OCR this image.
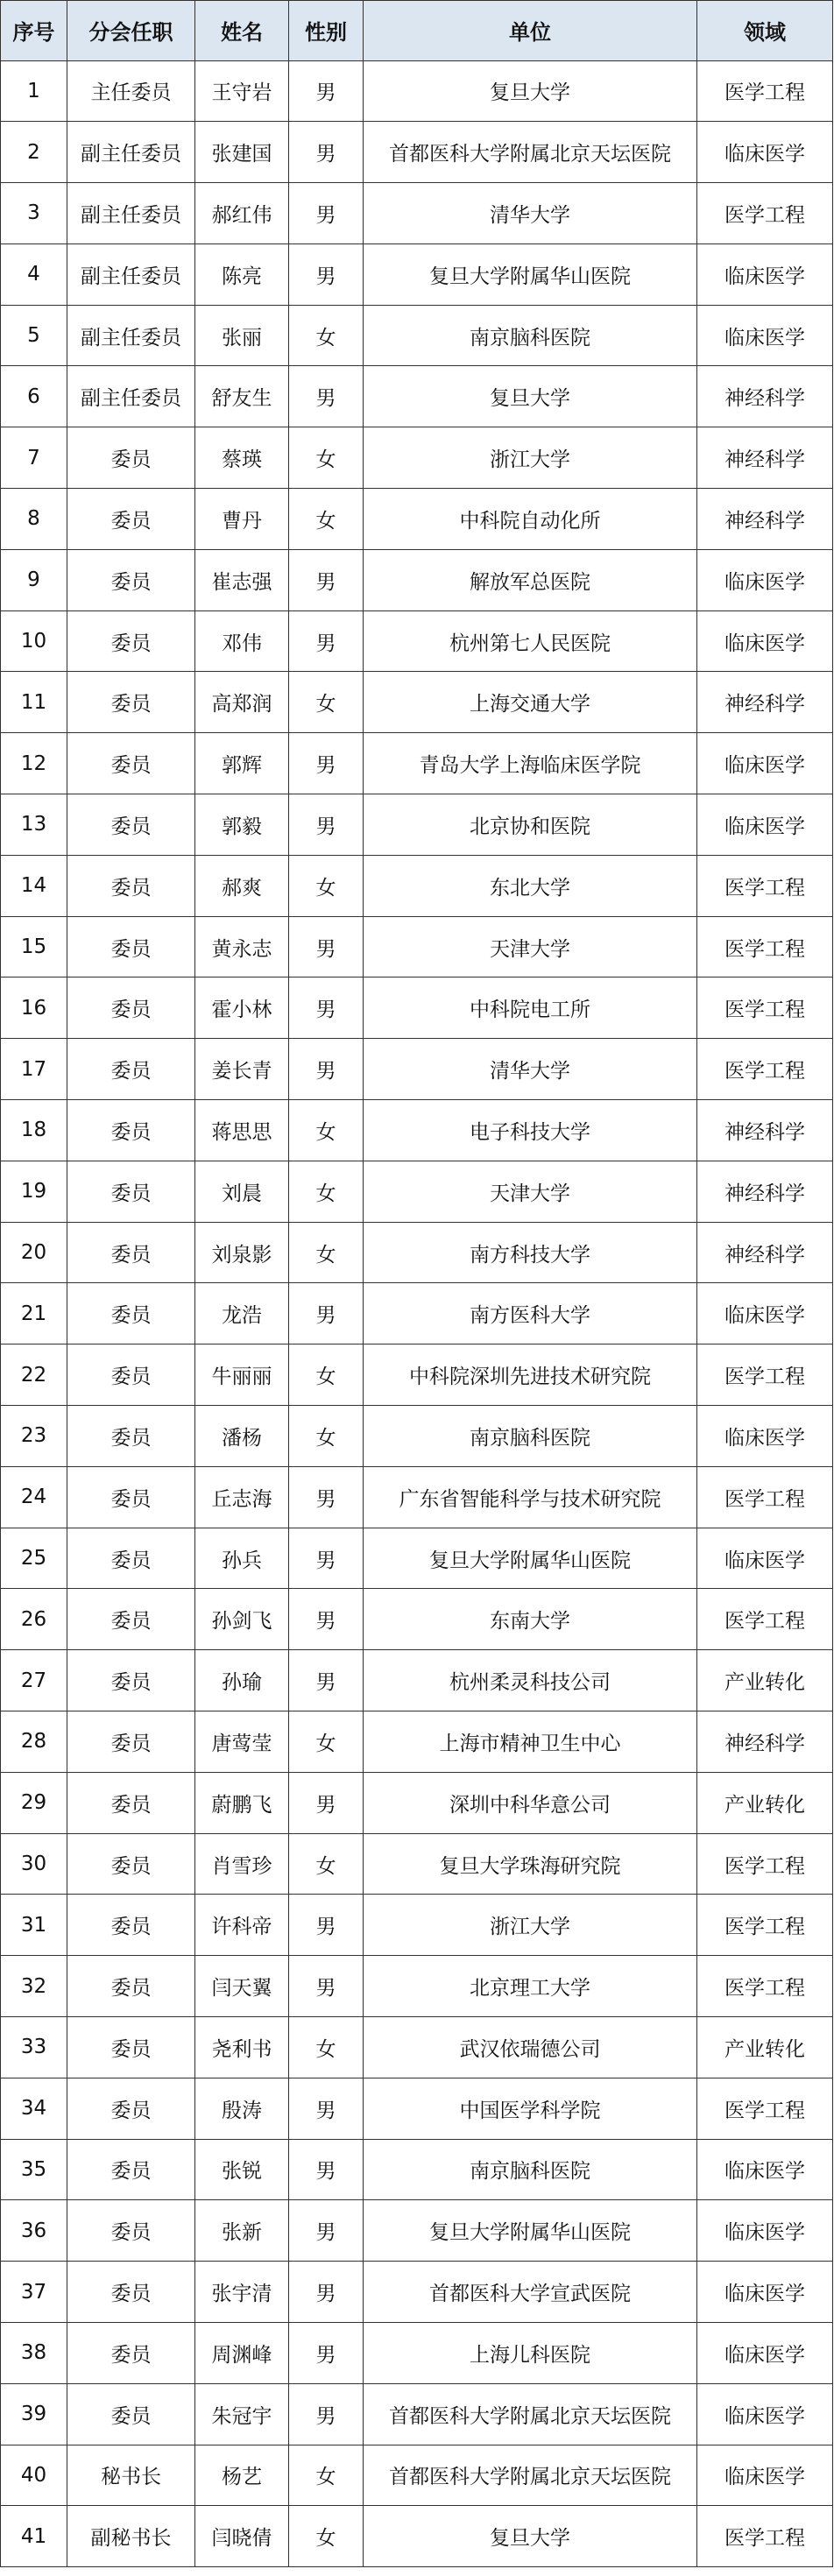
序号	分会任职	姓名	性别	单位	领域
1	主任委员	王守岩	男	复旦大学	医学工程
2	副主任委员	张建国	男	首都医科大学附属北京天坛医院	临床医学
3	副主任委员	郝红伟	男	清华大学	医学工程
4	副主任委员	陈亮	男	复旦大学附属华山医院	临床医学
5	副主任委员	张丽	女	南京脑科医院	临床医学
6	副主任委员	舒友生	男	复旦大学	神经科学
7	委员	蔡瑛	女	浙江大学	神经科学
8	委员	曹丹	女	中科院自动化所	神经科学
9	委员	崔志强	男	解放军总医院	临床医学
10	委员	邓伟	男	杭州第七人民医院	临床医学
11	委员	高郑润	女	上海交通大学	神经科学
12	委员	郭辉	男	青岛大学上海临床医学院	临床医学
13	委员	郭毅	男	北京协和医院	临床医学
14	委员	郝爽	女	东北大学	医学工程
15	委员	黄永志	男	天津大学	医学工程
16	委员	霍小林	男	中科院电工所	医学工程
17	委员	姜长青	男	清华大学	医学工程
18	委员	蒋思思	女	电子科技大学	神经科学
19	委员	刘晨	女	天津大学	神经科学
20	委员	刘泉影	女	南方科技大学	神经科学
21	委员	龙浩	男	南方医科大学	临床医学
22	委员	牛丽丽	女	中科院深圳先进技术研究院	医学工程
23	委员	潘杨	女	南京脑科医院	临床医学
24	委员	丘志海	男	广东省智能科学与技术研究院	医学工程
25	委员	孙兵	男	复旦大学附属华山医院	临床医学
26	委员	孙剑飞	男	东南大学	医学工程
27	委员	孙瑜	男	杭州柔灵科技公司	产业转化
28	委员	唐莺莹	女	上海市精神卫生中心	神经科学
29	委员	蔚鹏飞	男	深圳中科华意公司	产业转化
30	委员	肖雪珍	女	复旦大学珠海研究院	医学工程
31	委员	许科帝	男	浙江大学	医学工程
32	委员	闫天翼	男	北京理工大学	医学工程
33	委员	尧利书	女	武汉依瑞德公司	产业转化
34	委员	殷涛	男	中国医学科学院	医学工程
35	委员	张锐	男	南京脑科医院	临床医学
36	委员	张新	男	复旦大学附属华山医院	临床医学
37	委员	张宇清	男	首都医科大学宣武医院	临床医学
38	委员	周渊峰	男	上海儿科医院	临床医学
39	委员	朱冠宇	男	首都医科大学附属北京天坛医院	临床医学
40	秘书长	杨艺	女	首都医科大学附属北京天坛医院	临床医学
41	副秘书长	闫晓倩	女	复旦大学	医学工程
